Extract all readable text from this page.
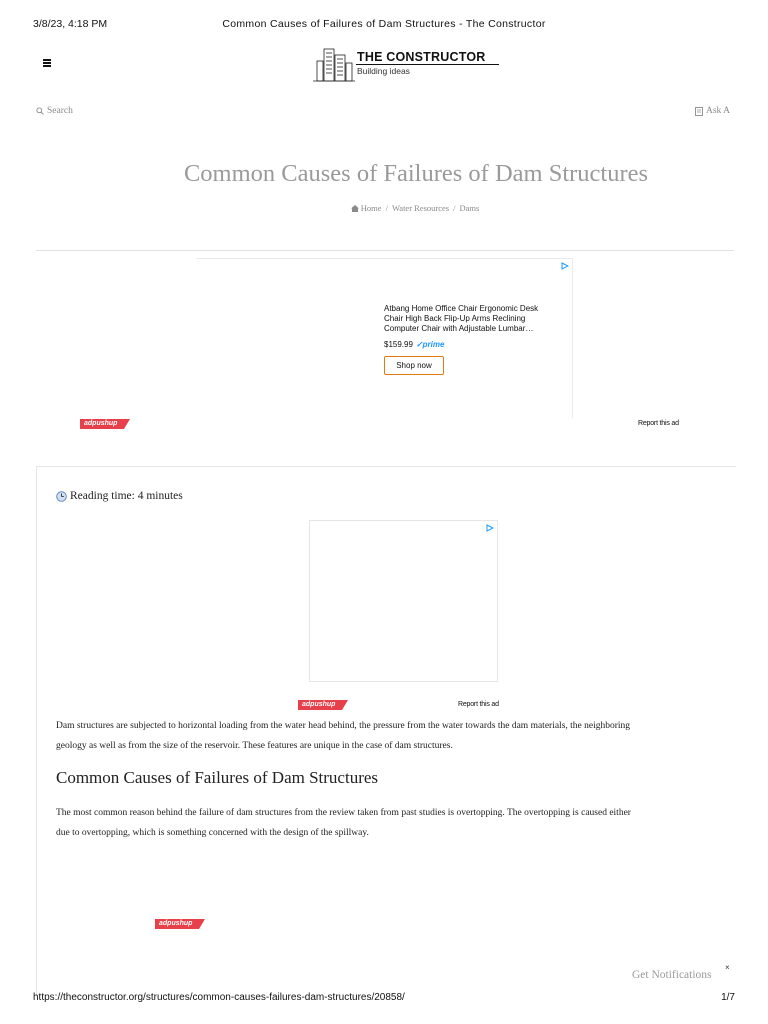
3/8/23, 4:18 PM	Common Causes of Failures of Dam Structures - The Constructor
THE CONSTRUCTOR
Building ideas
Search	Ask A
Common Causes of Failures of Dam Structures
Home / Water Resources / Dams
Atbang Home Office Chair Ergonomic Desk Chair High Back Flip-Up Arms Reclining Computer Chair with Adjustable Lumbar…
$159.99 ✓prime
Shop now
adpushup	Report this ad
Reading time: 4 minutes
adpushup	Report this ad
Dam structures are subjected to horizontal loading from the water head behind, the pressure from the water towards the dam materials, the neighboring
geology as well as from the size of the reservoir. These features are unique in the case of dam structures.
Common Causes of Failures of Dam Structures
The most common reason behind the failure of dam structures from the review taken from past studies is overtopping. The overtopping is caused either
due to overtopping, which is something concerned with the design of the spillway.
adpushup
Get Notifications
×
https://theconstructor.org/structures/common-causes-failures-dam-structures/20858/	1/7
